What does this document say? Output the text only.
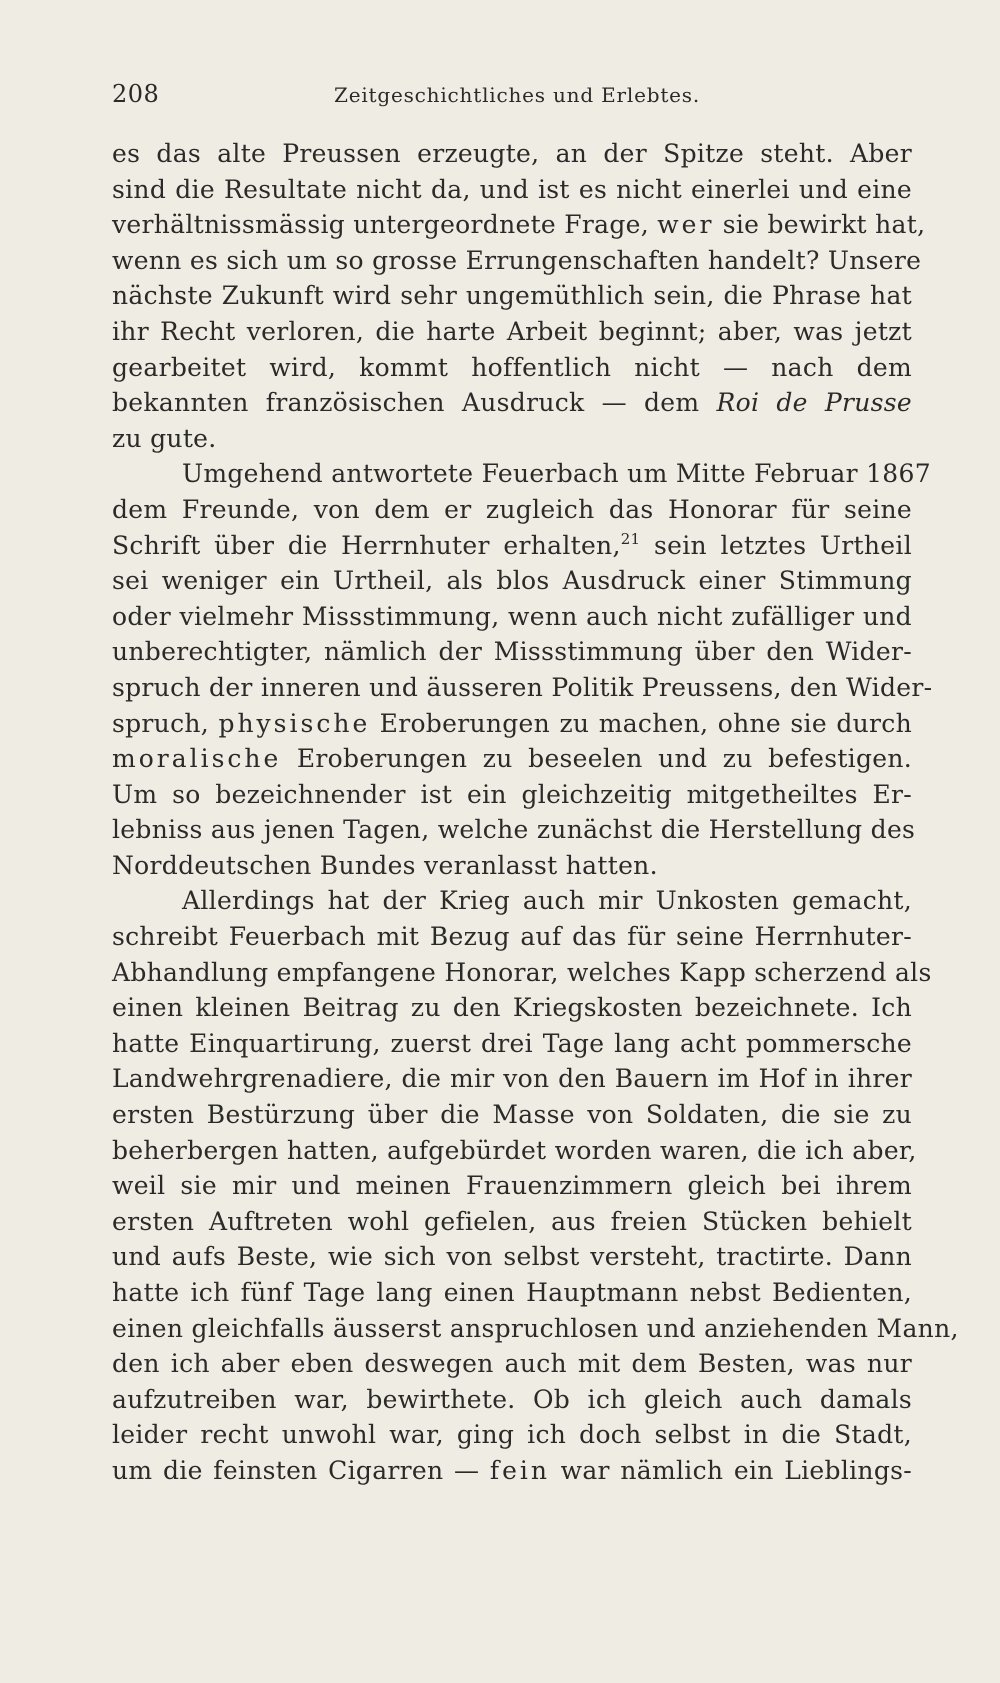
208	Zeitgeschichtliches und Erlebtes.
es das alte Preussen erzeugte, an der Spitze steht. Aber
sind die Resultate nicht da, und ist es nicht einerlei und eine
verhältnissmässig untergeordnete Frage, wer sie bewirkt hat,
wenn es sich um so grosse Errungenschaften handelt? Unsere
nächste Zukunft wird sehr ungemüthlich sein, die Phrase hat
ihr Recht verloren, die harte Arbeit beginnt; aber, was jetzt
gearbeitet wird, kommt hoffentlich nicht — nach dem
bekannten französischen Ausdruck — dem Roi de Prusse
zu gute.
Umgehend antwortete Feuerbach um Mitte Februar 1867
dem Freunde, von dem er zugleich das Honorar für seine
Schrift über die Herrnhuter erhalten,$^{21}$ sein letztes Urtheil
sei weniger ein Urtheil, als blos Ausdruck einer Stimmung
oder vielmehr Missstimmung, wenn auch nicht zufälliger und
unberechtigter, nämlich der Missstimmung über den Wider-
spruch der inneren und äusseren Politik Preussens, den Wider-
spruch, physische Eroberungen zu machen, ohne sie durch
moralische Eroberungen zu beseelen und zu befestigen.
Um so bezeichnender ist ein gleichzeitig mitgetheiltes Er-
lebniss aus jenen Tagen, welche zunächst die Herstellung des
Norddeutschen Bundes veranlasst hatten.
Allerdings hat der Krieg auch mir Unkosten gemacht,
schreibt Feuerbach mit Bezug auf das für seine Herrnhuter-
Abhandlung empfangene Honorar, welches Kapp scherzend als
einen kleinen Beitrag zu den Kriegskosten bezeichnete. Ich
hatte Einquartirung, zuerst drei Tage lang acht pommersche
Landwehrgrenadiere, die mir von den Bauern im Hof in ihrer
ersten Bestürzung über die Masse von Soldaten, die sie zu
beherbergen hatten, aufgebürdet worden waren, die ich aber,
weil sie mir und meinen Frauenzimmern gleich bei ihrem
ersten Auftreten wohl gefielen, aus freien Stücken behielt
und aufs Beste, wie sich von selbst versteht, tractirte. Dann
hatte ich fünf Tage lang einen Hauptmann nebst Bedienten,
einen gleichfalls äusserst anspruchlosen und anziehenden Mann,
den ich aber eben deswegen auch mit dem Besten, was nur
aufzutreiben war, bewirthete. Ob ich gleich auch damals
leider recht unwohl war, ging ich doch selbst in die Stadt,
um die feinsten Cigarren — fein war nämlich ein Lieblings-
